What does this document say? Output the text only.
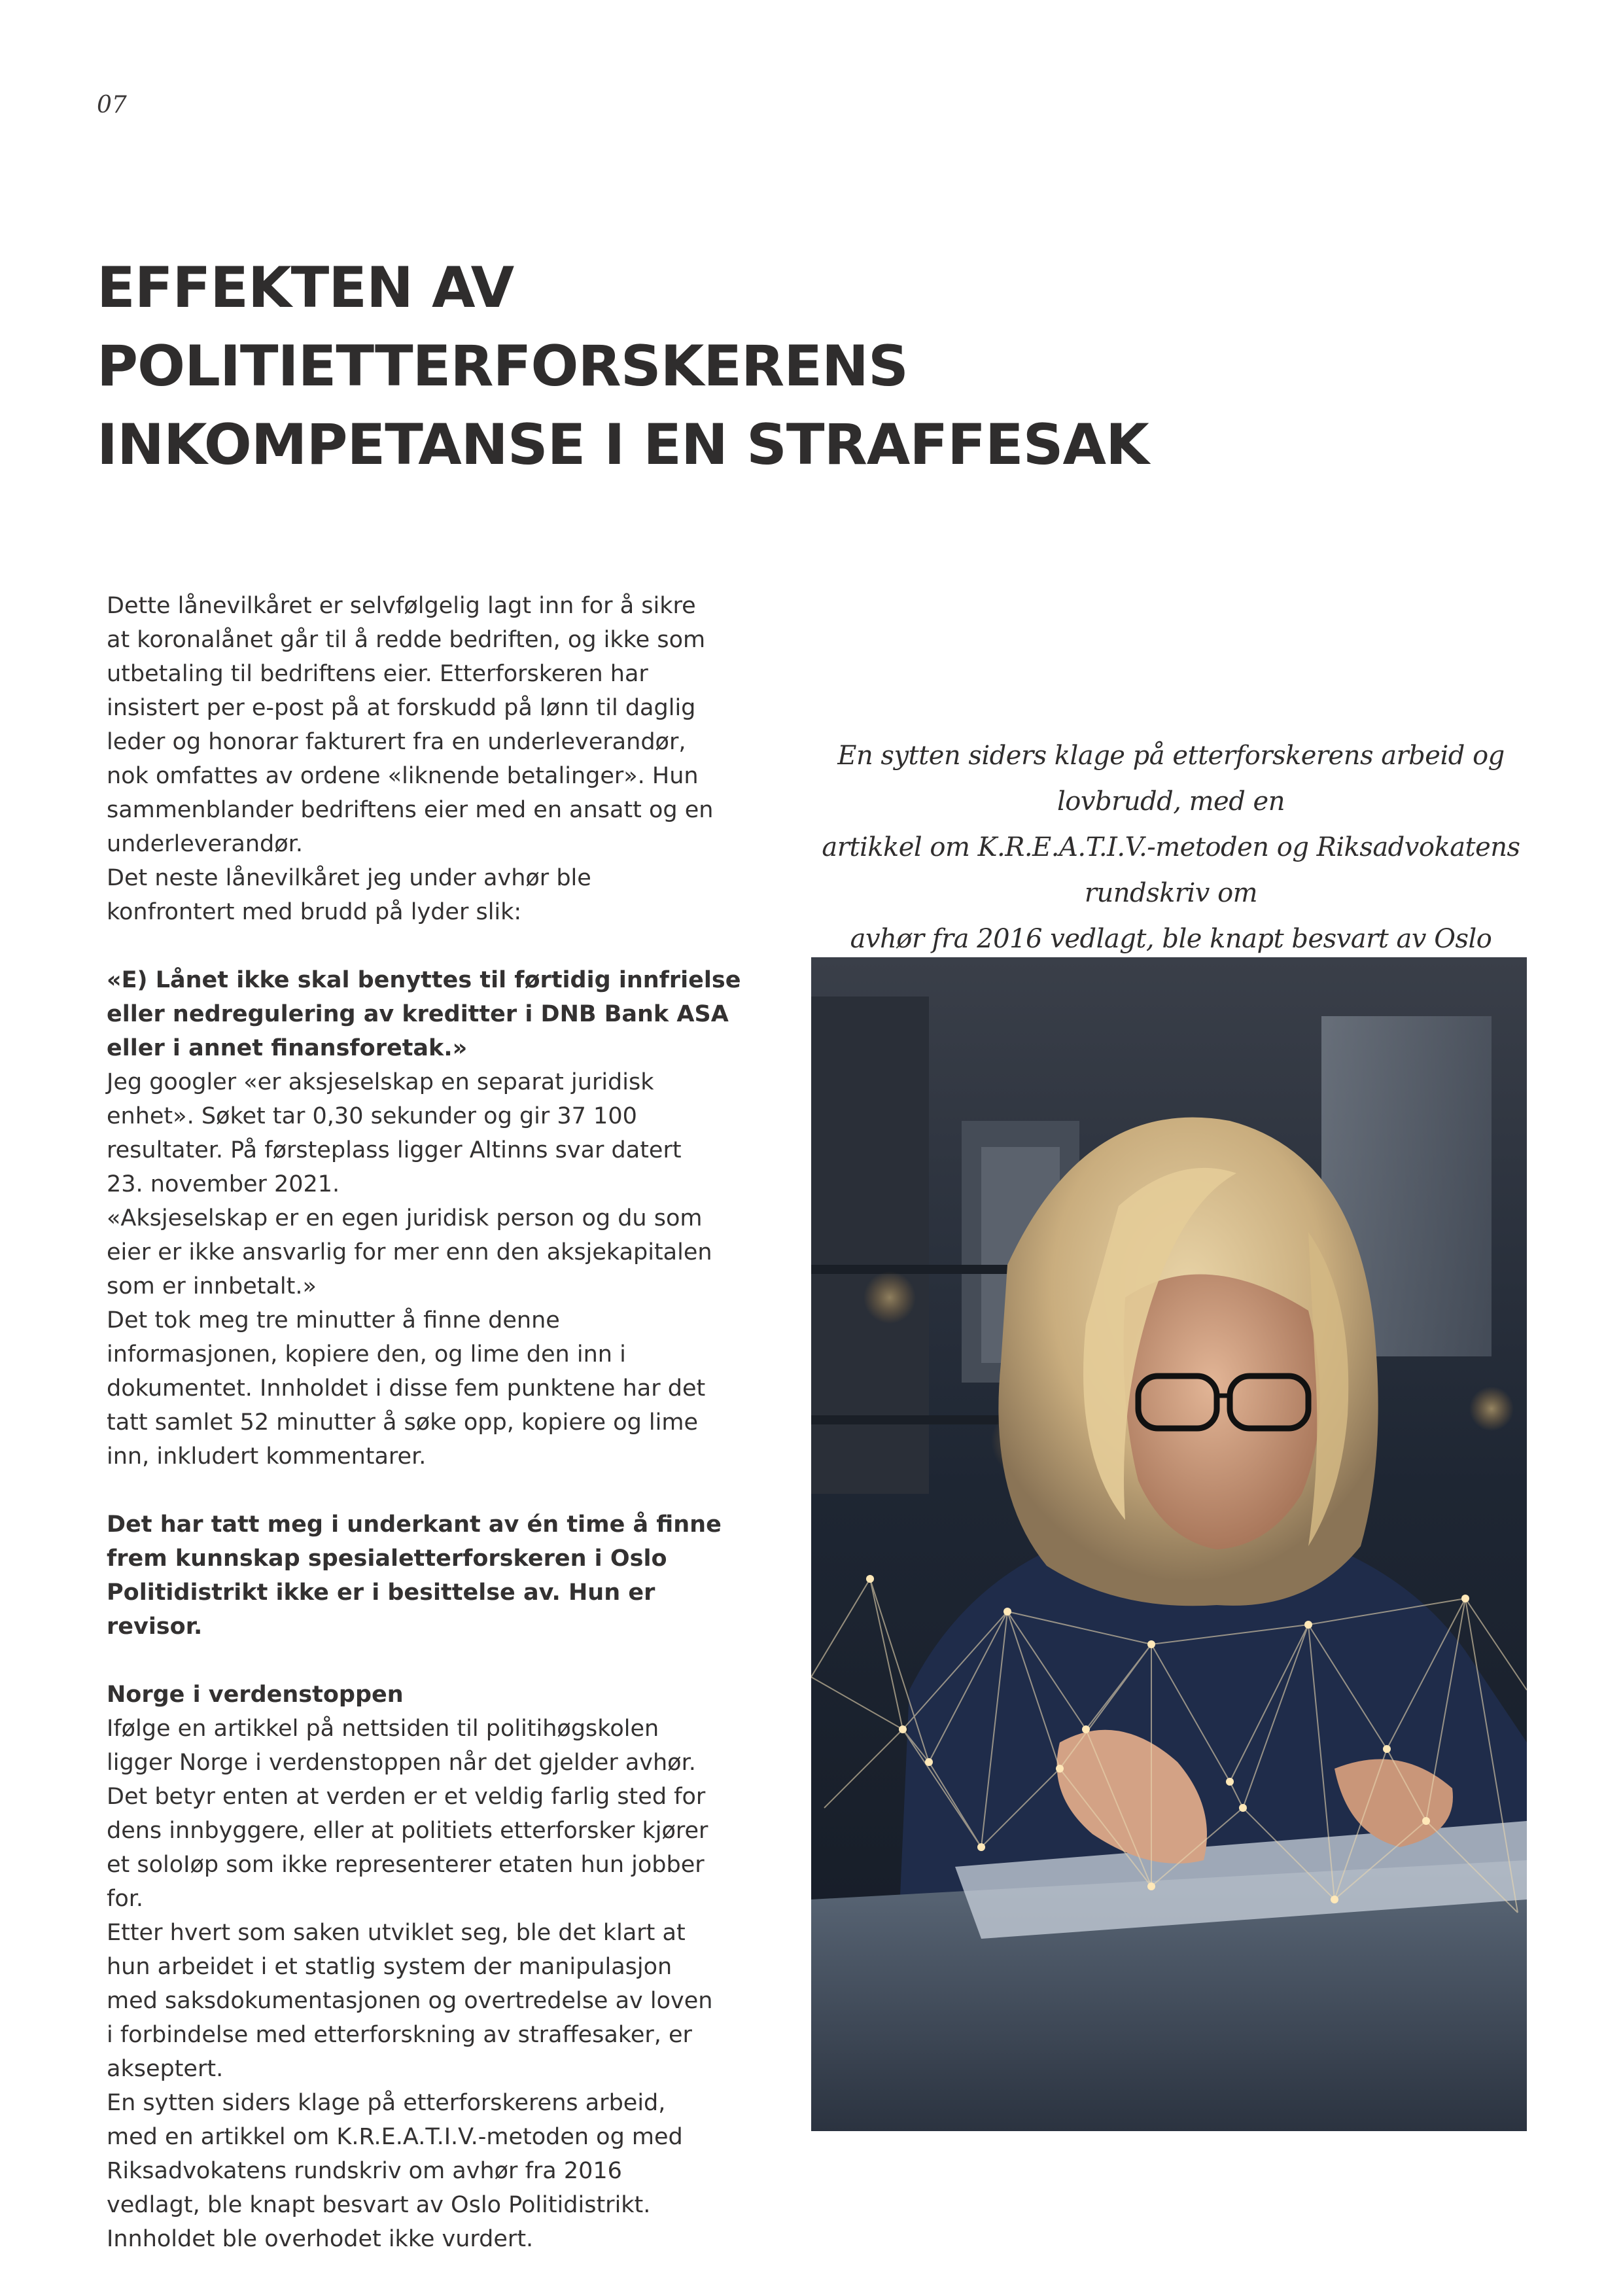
07
EFFEKTEN AV
POLITIETTERFORSKERENS
INKOMPETANSE I EN STRAFFESAK

Dette lånevilkåret er selvfølgelig lagt inn for å sikre

at koronalånet går til å redde bedriften, og ikke som

utbetaling til bedriftens eier. Etterforskeren har

insistert per e-post på at forskudd på lønn til daglig

leder og honorar fakturert fra en underleverandør,

nok omfattes av ordene «liknende betalinger». Hun

sammenblander bedriftens eier med en ansatt og en

underleverandør.

Det neste lånevilkåret jeg under avhør ble

konfrontert med brudd på lyder slik:

«E) Lånet ikke skal benyttes til førtidig innfrielse

eller nedregulering av kreditter i DNB Bank ASA

eller i annet finansforetak.»

Jeg googler «er aksjeselskap en separat juridisk

enhet». Søket tar 0,30 sekunder og gir 37 100

resultater. På førsteplass ligger Altinns svar datert

23. november 2021.

«Aksjeselskap er en egen juridisk person og du som

eier er ikke ansvarlig for mer enn den aksjekapitalen

som er innbetalt.»

Det tok meg tre minutter å finne denne

informasjonen, kopiere den, og lime den inn i

dokumentet. Innholdet i disse fem punktene har det

tatt samlet 52 minutter å søke opp, kopiere og lime

inn, inkludert kommentarer.

Det har tatt meg i underkant av én time å finne

frem kunnskap spesialetterforskeren i Oslo

Politidistrikt ikke er i besittelse av. Hun er revisor.

Norge i verdenstoppen

Ifølge en artikkel på nettsiden til politihøgskolen

ligger Norge i verdenstoppen når det gjelder avhør.

Det betyr enten at verden er et veldig farlig sted for

dens innbyggere, eller at politiets etterforsker kjører

et soloIøp som ikke representerer etaten hun jobber

for.

Etter hvert som saken utviklet seg, ble det klart at

hun arbeidet i et statlig system der manipulasjon

med saksdokumentasjonen og overtredelse av loven

i forbindelse med etterforskning av straffesaker, er

akseptert.

En sytten siders klage på etterforskerens arbeid,

med en artikkel om K.R.E.A.T.I.V.-metoden og med

Riksadvokatens rundskriv om avhør fra 2016

vedlagt, ble knapt besvart av Oslo Politidistrikt.

Innholdet ble overhodet ikke vurdert.

En sytten siders klage på etterforskerens arbeid og lovbrudd, med en
artikkel om K.R.E.A.T.I.V.-metoden og Riksadvokatens rundskriv om
avhør fra 2016 vedlagt, ble knapt besvart av Oslo
